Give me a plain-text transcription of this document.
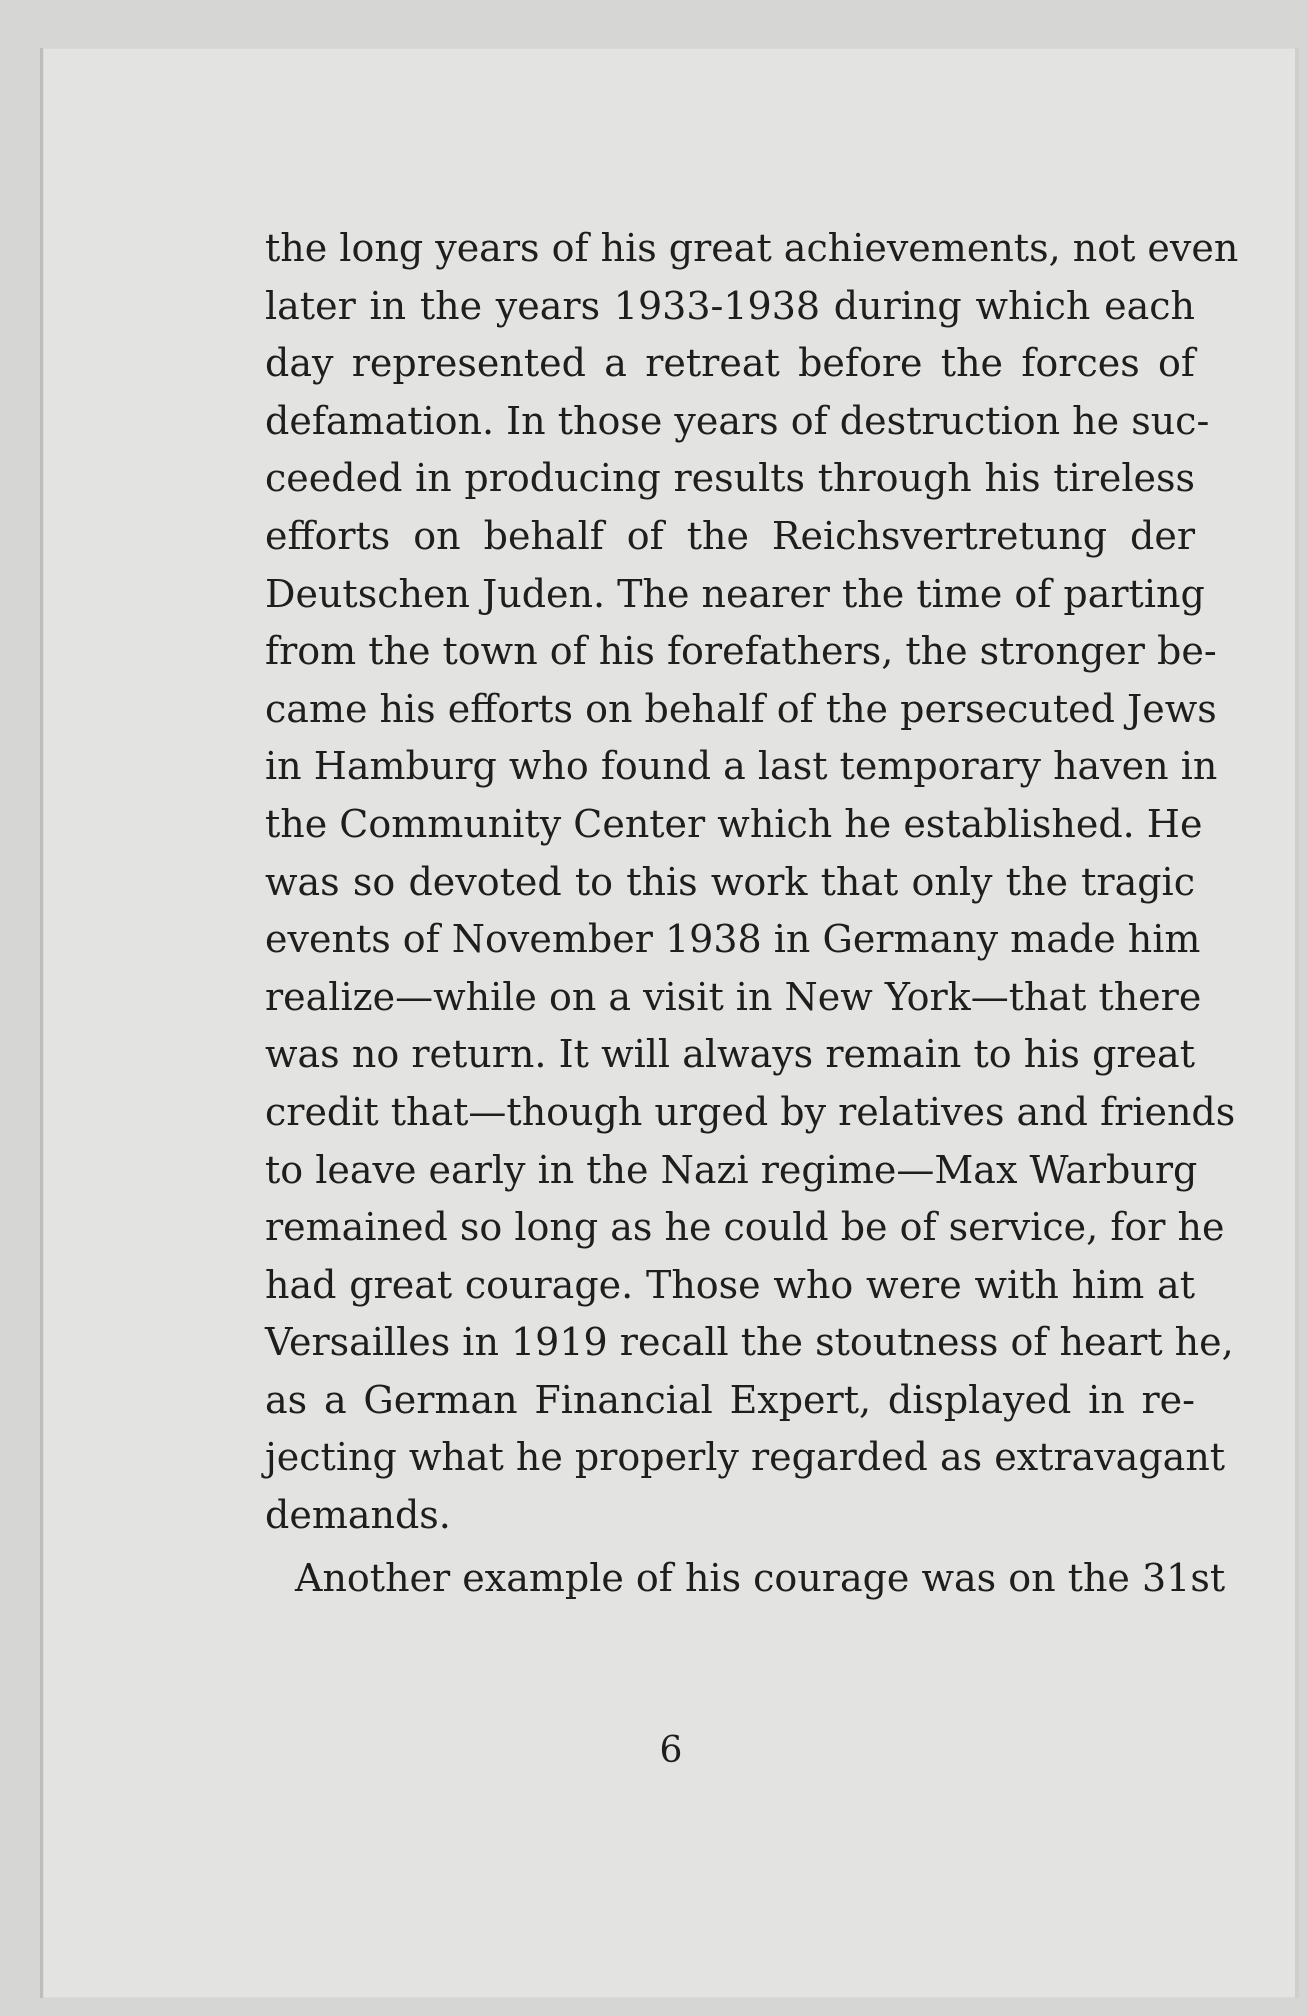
the long years of his great achievements, not even
later in the years 1933-1938 during which each
day represented a retreat before the forces of
defamation. In those years of destruction he suc-
ceeded in producing results through his tireless
efforts on behalf of the Reichsvertretung der
Deutschen Juden. The nearer the time of parting
from the town of his forefathers, the stronger be-
came his efforts on behalf of the persecuted Jews
in Hamburg who found a last temporary haven in
the Community Center which he established. He
was so devoted to this work that only the tragic
events of November 1938 in Germany made him
realize—while on a visit in New York—that there
was no return. It will always remain to his great
credit that—though urged by relatives and friends
to leave early in the Nazi regime—Max Warburg
remained so long as he could be of service, for he
had great courage. Those who were with him at
Versailles in 1919 recall the stoutness of heart he,
as a German Financial Expert, displayed in re-
jecting what he properly regarded as extravagant
demands.
Another example of his courage was on the 31st
6
